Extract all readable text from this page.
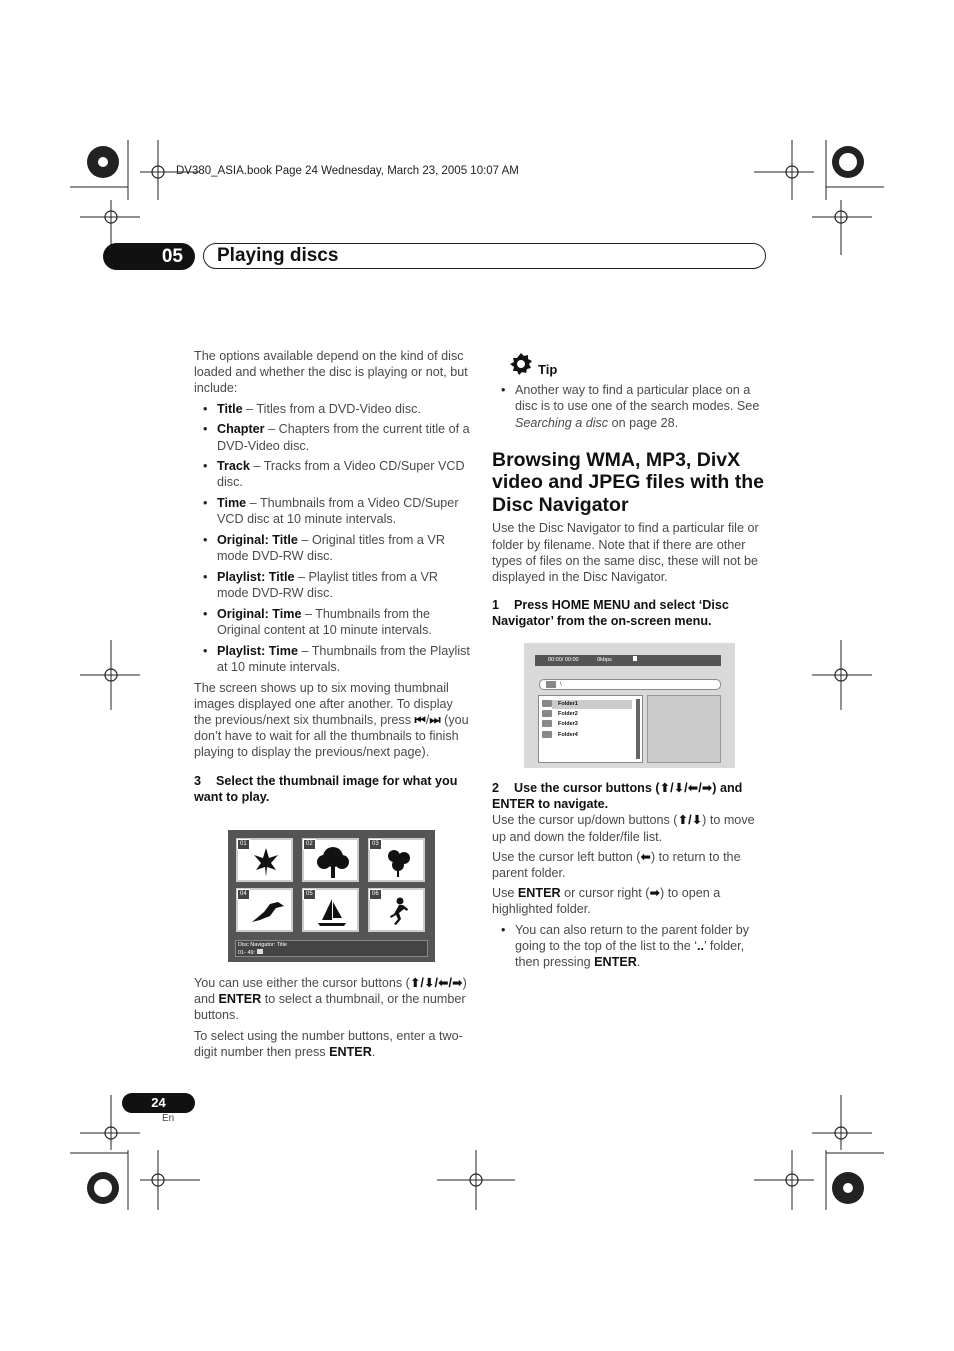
DV380_ASIA.book Page 24 Wednesday, March 23, 2005 10:07 AM
05	Playing discs

The options available depend on the kind of disc loaded and whether the disc is playing or not, but include:

• Title – Titles from a DVD-Video disc.
• Chapter – Chapters from the current title of a DVD-Video disc.
• Track – Tracks from a Video CD/Super VCD disc.
• Time – Thumbnails from a Video CD/Super VCD disc at 10 minute intervals.
• Original: Title – Original titles from a VR mode DVD-RW disc.
• Playlist: Title – Playlist titles from a VR mode DVD-RW disc.
• Original: Time – Thumbnails from the Original content at 10 minute intervals.
• Playlist: Time – Thumbnails from the Playlist at 10 minute intervals.

The screen shows up to six moving thumbnail images displayed one after another. To display the previous/next six thumbnails, press ⏮/⏭ (you don’t have to wait for all the thumbnails to finish playing to display the previous/next page).

3 Select the thumbnail image for what you want to play.

01	02	03
04	05	06
Disc Navigator: Title
01- 49:

You can use either the cursor buttons (⬆/⬇/⬅/➡) and ENTER to select a thumbnail, or the number buttons.

To select using the number buttons, enter a two-digit number then press ENTER.

Tip

• Another way to find a particular place on a disc is to use one of the search modes. See Searching a disc on page 28.
Browsing WMA, MP3, DivX video and JPEG files with the Disc Navigator

Use the Disc Navigator to find a particular file or folder by filename. Note that if there are other types of files on the same disc, these will not be displayed in the Disc Navigator.

1 Press HOME MENU and select ‘Disc Navigator’ from the on-screen menu.

00:00/ 00:00	0kbps
\
Folder1
Folder2
Folder3
Folder4

2 Use the cursor buttons (⬆/⬇/⬅/➡) and ENTER to navigate.

Use the cursor up/down buttons (⬆/⬇) to move up and down the folder/file list.

Use the cursor left button (⬅) to return to the parent folder.

Use ENTER or cursor right (➡) to open a highlighted folder.

• You can also return to the parent folder by going to the top of the list to the ‘..’ folder, then pressing ENTER.
24
En
